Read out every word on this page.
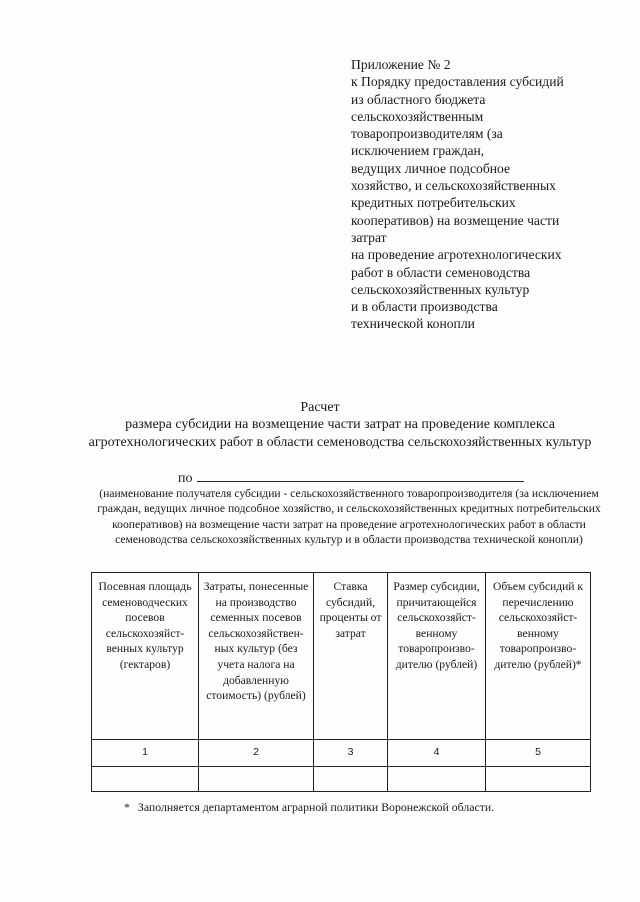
Приложение № 2
к Порядку предоставления субсидий
из областного бюджета
сельскохозяйственным
товаропроизводителям (за
исключением граждан,
ведущих личное подсобное
хозяйство, и сельскохозяйственных
кредитных потребительских
кооперативов) на возмещение части
затрат
на проведение агротехнологических
работ в области семеноводства
сельскохозяйственных культур
и в области производства
технической конопли
Расчет
размера субсидии на возмещение части затрат на проведение комплекса агротехнологических работ в области семеноводства сельскохозяйственных культур
по
(наименование получателя субсидии - сельскохозяйственного товаропроизводителя (за исключением граждан, ведущих личное подсобное хозяйство, и сельскохозяйственных кредитных потребительских кооперативов) на возмещение части затрат на проведение агротехнологических работ в области семеноводства сельскохозяйственных культур и в области производства технической конопли)
Посевная площадь семеноводческих посевов сельскохозяйст-венных культур (гектаров)	Затраты, понесенные на производство семенных посевов сельскохозяйствен-ных культур (без учета налога на добавленную стоимость) (рублей)	Ставка субсидий, проценты от затрат	Размер субсидии, причитающейся сельскохозяйст-венному товаропроизво-дителю (рублей)	Объем субсидий к перечислению сельскохозяйст-венному товаропроизво-дителю (рублей)*
1	2	3	4	5

* Заполняется департаментом аграрной политики Воронежской области.
